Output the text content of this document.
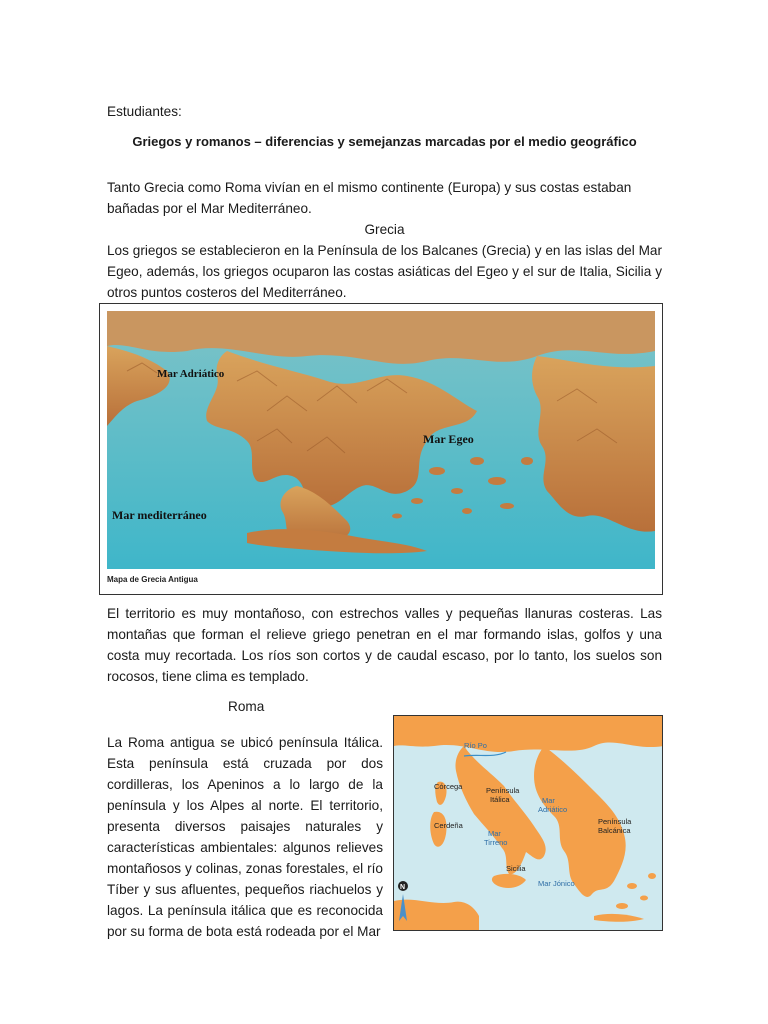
Estudiantes:

Griegos y romanos – diferencias y semejanzas marcadas por el medio geográfico

Tanto Grecia como Roma vivían en el mismo continente (Europa) y sus costas estaban bañadas por el Mar Mediterráneo.

Grecia

Los griegos se establecieron en la Península de los Balcanes (Grecia) y en las islas del Mar Egeo, además, los griegos ocuparon las costas asiáticas del Egeo y el sur de Italia, Sicilia y otros puntos costeros del Mediterráneo.

Mar Adriático
Mar Egeo
Mar mediterráneo
Mapa de Grecia Antigua

El territorio es muy montañoso, con estrechos valles y pequeñas llanuras costeras. Las montañas que forman el relieve griego penetran en el mar formando islas, golfos y una costa muy recortada. Los ríos son cortos y de caudal escaso, por lo tanto, los suelos son rocosos, tiene clima es templado.

Roma

La Roma antigua se ubicó península Itálica. Esta península está cruzada por dos cordilleras, los Apeninos a lo largo de la península y los Alpes al norte. El territorio, presenta diversos paisajes naturales y características ambientales: algunos relieves montañosos y colinas, zonas forestales, el río Tíber y sus afluentes, pequeños riachuelos y lagos. La península itálica que es reconocida por su forma de bota está rodeada por el Mar

Río Po
Córcega	Península
Itálica	Mar
Adriático
Península
Balcánica
Cerdeña
Mar
Tirreno
Sicilia
Mar Jónico
N
